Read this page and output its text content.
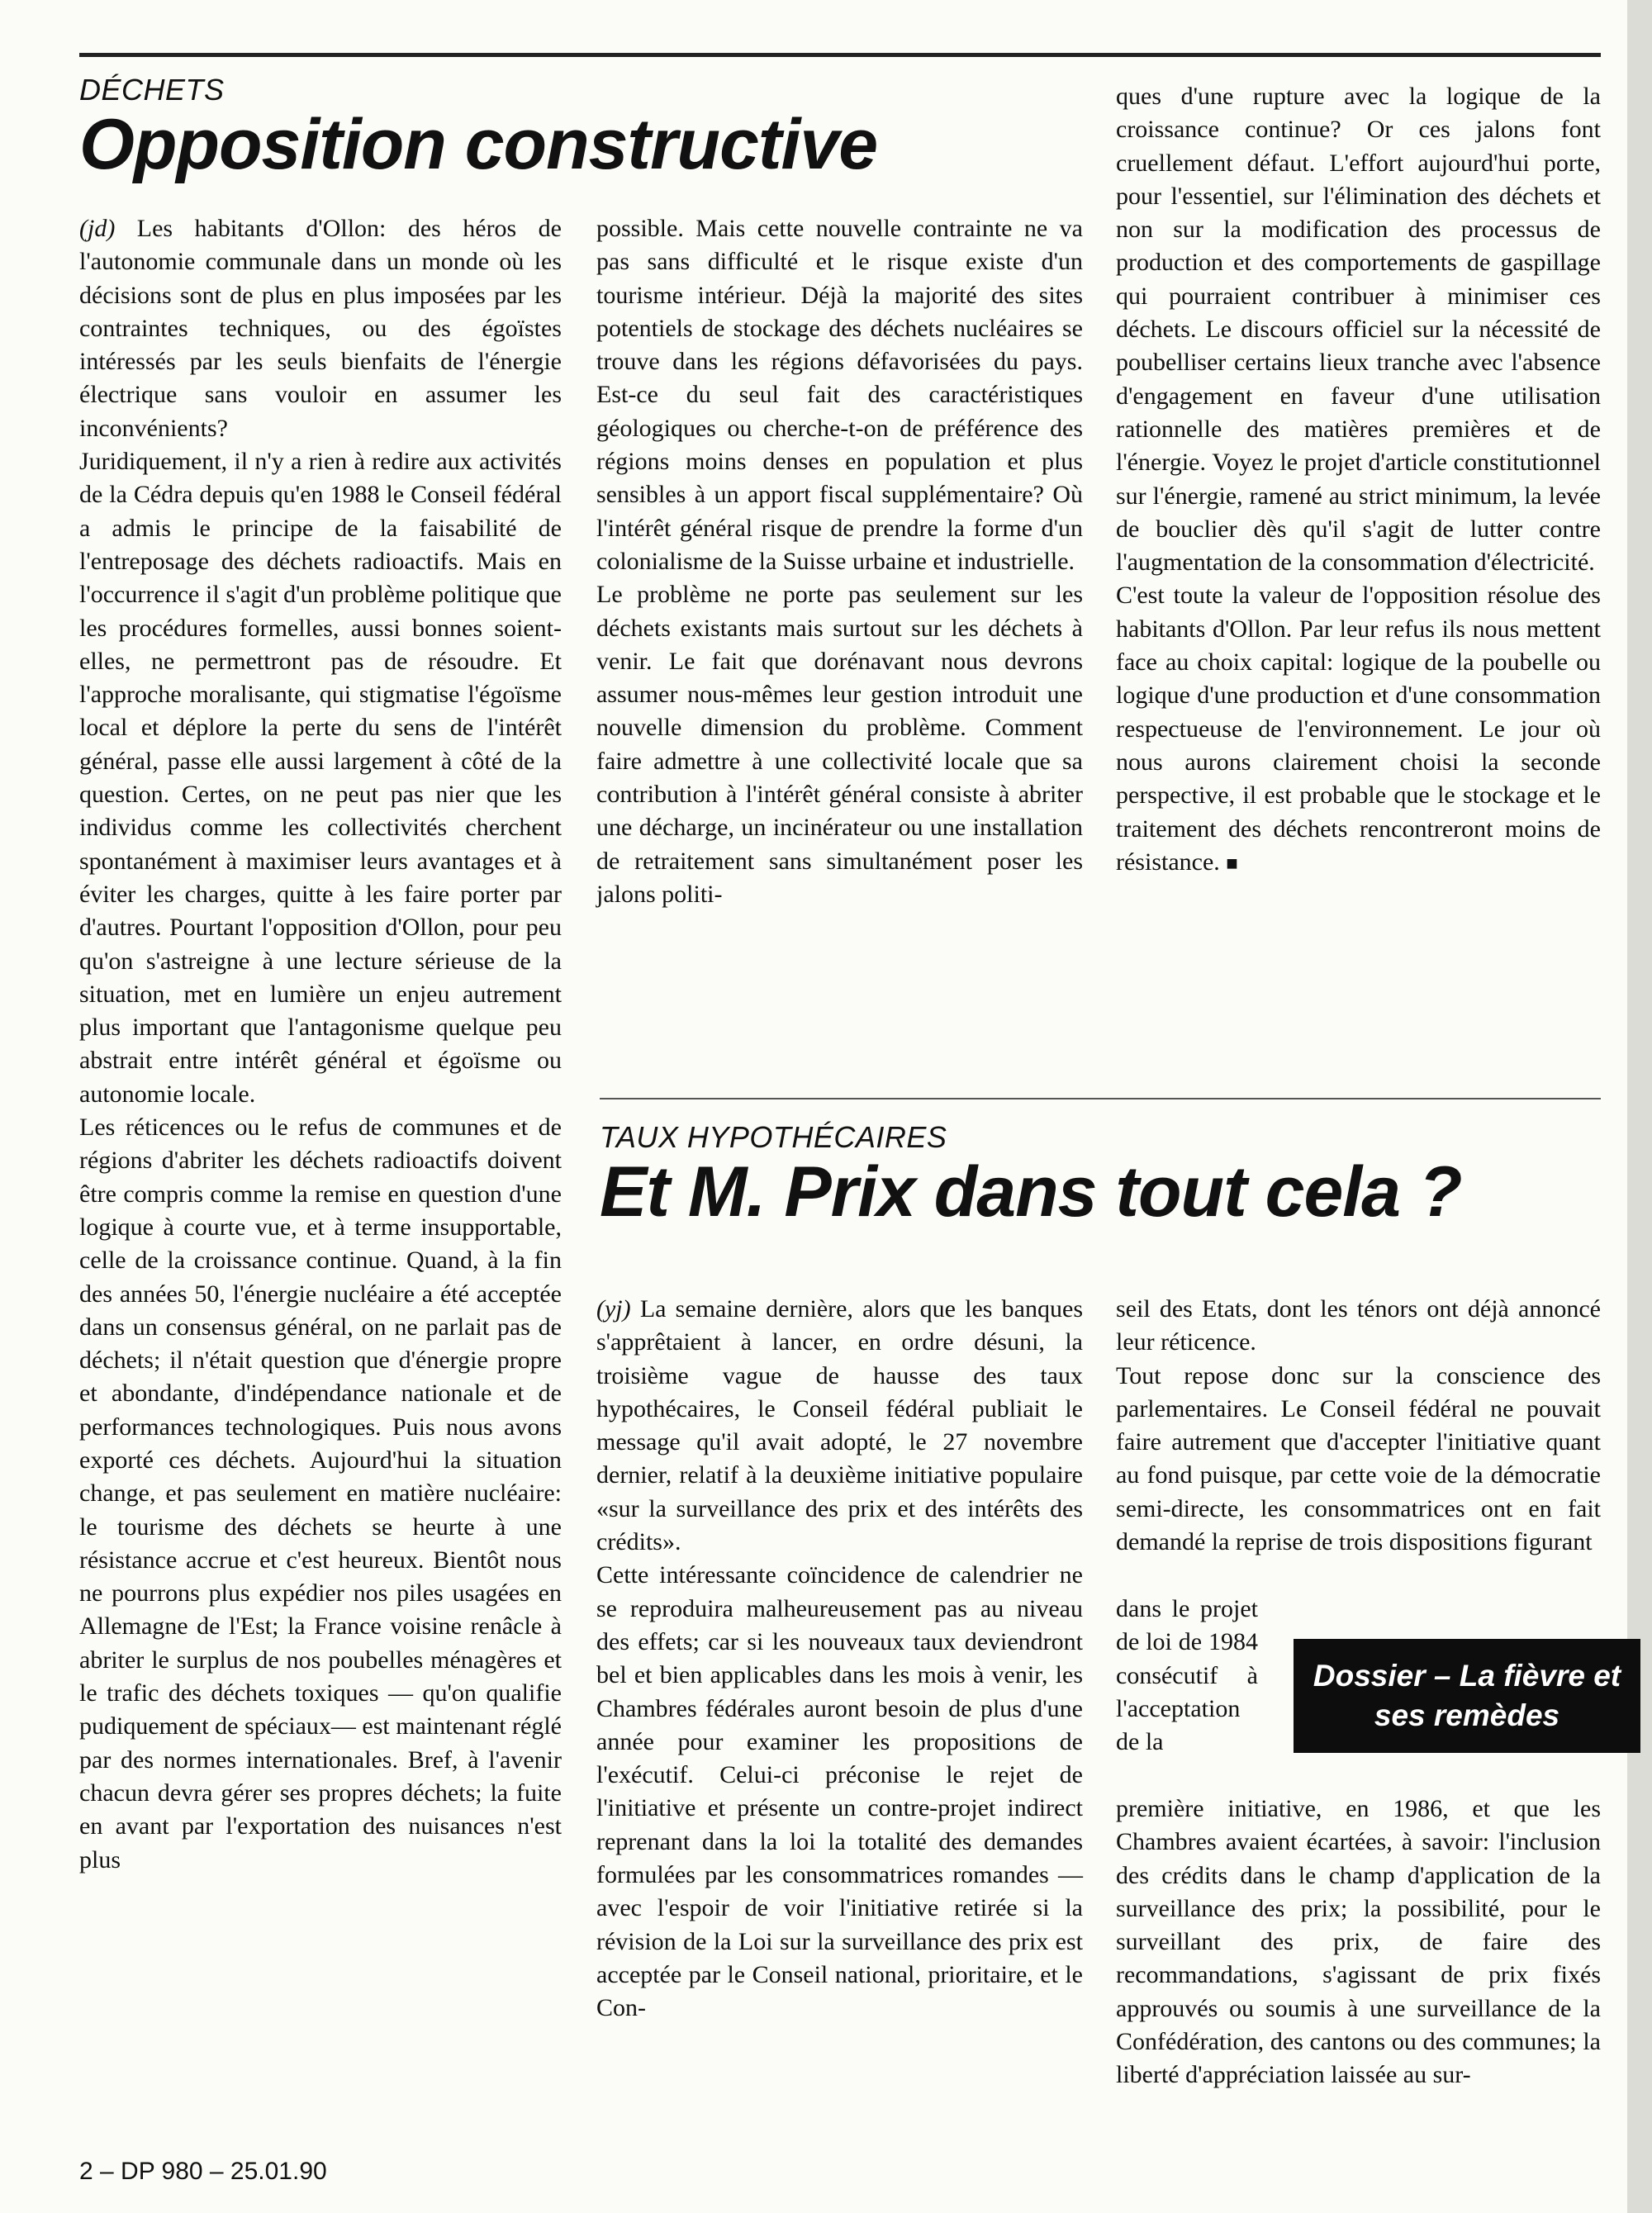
DÉCHETS
Opposition constructive

(jd) Les habitants d'Ollon: des héros de l'autonomie communale dans un monde où les décisions sont de plus en plus imposées par les contraintes techniques, ou des égoïstes intéressés par les seuls bienfaits de l'énergie électrique sans vouloir en assumer les inconvénients?

Juridiquement, il n'y a rien à redire aux activités de la Cédra depuis qu'en 1988 le Conseil fédéral a admis le principe de la faisabilité de l'entreposage des déchets radioactifs. Mais en l'occurrence il s'agit d'un problème politique que les procédures formelles, aussi bonnes soient-elles, ne permettront pas de résoudre. Et l'approche moralisante, qui stigmatise l'égoïsme local et déplore la perte du sens de l'intérêt général, passe elle aussi largement à côté de la question. Certes, on ne peut pas nier que les individus comme les collectivités cherchent spontanément à maximiser leurs avantages et à éviter les charges, quitte à les faire porter par d'autres. Pourtant l'opposition d'Ollon, pour peu qu'on s'astreigne à une lecture sérieuse de la situation, met en lumière un enjeu autrement plus important que l'antagonisme quelque peu abstrait entre intérêt général et égoïsme ou autonomie locale.

Les réticences ou le refus de communes et de régions d'abriter les déchets radioactifs doivent être compris comme la remise en question d'une logique à courte vue, et à terme insupportable, celle de la croissance continue. Quand, à la fin des années 50, l'énergie nucléaire a été acceptée dans un consensus général, on ne parlait pas de déchets; il n'était question que d'énergie propre et abondante, d'indépendance nationale et de performances technologiques. Puis nous avons exporté ces déchets. Aujourd'hui la situation change, et pas seulement en matière nucléaire: le tourisme des déchets se heurte à une résistance accrue et c'est heureux. Bientôt nous ne pourrons plus expédier nos piles usagées en Allemagne de l'Est; la France voisine renâcle à abriter le surplus de nos poubelles ménagères et le trafic des déchets toxiques — qu'on qualifie pudiquement de spéciaux— est maintenant réglé par des normes internationales. Bref, à l'avenir chacun devra gérer ses propres déchets; la fuite en avant par l'exportation des nuisances n'est plus

possible. Mais cette nouvelle contrainte ne va pas sans difficulté et le risque existe d'un tourisme intérieur. Déjà la majorité des sites potentiels de stockage des déchets nucléaires se trouve dans les régions défavorisées du pays. Est-ce du seul fait des caractéristiques géologiques ou cherche-t-on de préférence des régions moins denses en population et plus sensibles à un apport fiscal supplémentaire? Où l'intérêt général risque de prendre la forme d'un colonialisme de la Suisse urbaine et industrielle.

Le problème ne porte pas seulement sur les déchets existants mais surtout sur les déchets à venir. Le fait que dorénavant nous devrons assumer nous-mêmes leur gestion introduit une nouvelle dimension du problème. Comment faire admettre à une collectivité locale que sa contribution à l'intérêt général consiste à abriter une décharge, un incinérateur ou une installation de retraitement sans simultanément poser les jalons politi-

ques d'une rupture avec la logique de la croissance continue? Or ces jalons font cruellement défaut. L'effort aujourd'hui porte, pour l'essentiel, sur l'élimination des déchets et non sur la modification des processus de production et des comportements de gaspillage qui pourraient contribuer à minimiser ces déchets. Le discours officiel sur la nécessité de poubelliser certains lieux tranche avec l'absence d'engagement en faveur d'une utilisation rationnelle des matières premières et de l'énergie. Voyez le projet d'article constitutionnel sur l'énergie, ramené au strict minimum, la levée de bouclier dès qu'il s'agit de lutter contre l'augmentation de la consommation d'électricité.

C'est toute la valeur de l'opposition résolue des habitants d'Ollon. Par leur refus ils nous mettent face au choix capital: logique de la poubelle ou logique d'une production et d'une consommation respectueuse de l'environnement. Le jour où nous aurons clairement choisi la seconde perspective, il est probable que le stockage et le traitement des déchets rencontreront moins de résistance. ■

TAUX HYPOTHÉCAIRES
Et M. Prix dans tout cela ?

(yj) La semaine dernière, alors que les banques s'apprêtaient à lancer, en ordre désuni, la troisième vague de hausse des taux hypothécaires, le Conseil fédéral publiait le message qu'il avait adopté, le 27 novembre dernier, relatif à la deuxième initiative populaire «sur la surveillance des prix et des intérêts des crédits».

Cette intéressante coïncidence de calendrier ne se reproduira malheureusement pas au niveau des effets; car si les nouveaux taux deviendront bel et bien applicables dans les mois à venir, les Chambres fédérales auront besoin de plus d'une année pour examiner les propositions de l'exécutif. Celui-ci préconise le rejet de l'initiative et présente un contre-projet indirect reprenant dans la loi la totalité des demandes formulées par les consommatrices romandes — avec l'espoir de voir l'initiative retirée si la révision de la Loi sur la surveillance des prix est acceptée par le Conseil national, prioritaire, et le Con-

seil des Etats, dont les ténors ont déjà annoncé leur réticence.

Tout repose donc sur la conscience des parlementaires. Le Conseil fédéral ne pouvait faire autrement que d'accepter l'initiative quant au fond puisque, par cette voie de la démocratie semi-directe, les consommatrices ont en fait demandé la reprise de trois dispositions figurant

dans le projet de loi de 1984 consécutif à l'acceptation de la

Dossier – La fièvre et ses remèdes

première initiative, en 1986, et que les Chambres avaient écartées, à savoir: l'inclusion des crédits dans le champ d'application de la surveillance des prix; la possibilité, pour le surveillant des prix, de faire des recommandations, s'agissant de prix fixés approuvés ou soumis à une surveillance de la Confédération, des cantons ou des communes; la liberté d'appréciation laissée au sur-

2 – DP 980 – 25.01.90
